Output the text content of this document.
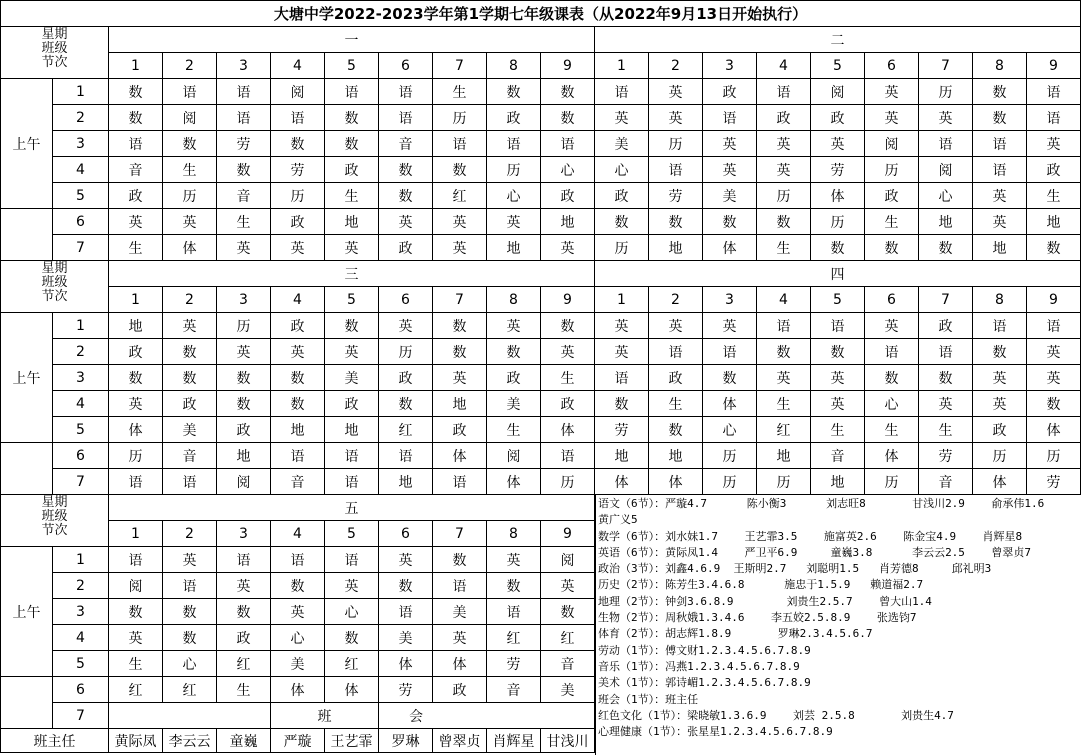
大塘中学2022-2023学年第1学期七年级课表（从2022年9月13日开始执行）
星期
班级
节次		一									二								
		1	2	3	4	5	6	7	8	9	1	2	3	4	5	6	7	8	9
上午	1	数	语	语	阅	语	语	生	数	数	语	英	政	语	阅	英	历	数	语
	2	数	阅	语	语	数	语	历	政	数	英	英	语	政	政	英	英	数	语
	3	语	数	劳	数	数	音	语	语	语	美	历	英	英	英	阅	语	语	英
	4	音	生	数	劳	政	数	数	历	心	心	语	英	英	劳	历	阅	语	政
	5	政	历	音	历	生	数	红	心	政	政	劳	美	历	体	政	心	英	生
	6	英	英	生	政	地	英	英	英	地	数	数	数	数	历	生	地	英	地
	7	生	体	英	英	英	政	英	地	英	历	地	体	生	数	数	数	地	数

星期
班级
节次		三									四								
		1	2	3	4	5	6	7	8	9	1	2	3	4	5	6	7	8	9
上午	1	地	英	历	政	数	英	数	英	数	英	英	英	语	语	英	政	语	语
	2	政	数	英	英	英	历	数	数	英	英	语	语	数	数	语	语	数	英
	3	数	数	数	数	美	政	英	政	生	语	政	数	英	英	数	数	英	英
	4	英	政	数	数	政	数	地	美	政	数	生	体	生	英	心	英	英	数
	5	体	美	政	地	地	红	政	生	体	劳	数	心	红	生	生	生	政	体
	6	历	音	地	语	语	语	体	阅	语	地	地	历	地	音	体	劳	历	历
	7	语	语	阅	音	语	地	语	体	历	体	体	历	历	地	历	音	体	劳

星期
班级
节次		五																	
		1	2	3	4	5	6	7	8	9									
上午	1	语	英	语	语	语	英	数	英	阅									
	2	阅	语	英	数	英	数	语	数	英									
	3	数	数	数	英	心	语	美	语	数									
	4	英	数	政	心	数	美	英	红	红									
	5	生	心	红	美	红	体	体	劳	音									
	6	红	红	生	体	体	劳	政	音	美									
	7				班		会												
班主任		黄际凤	李云云	童巍	严璇	王艺霏	罗琳	曾翠贞	肖辉星	甘浅川									
语文（6节）：严璇4.7      陈小衡3      刘志旺8       甘浅川2.9    俞承伟1.6
黄广义5
数学（6节）：刘水妹1.7    王艺霏3.5    施富英2.6    陈金宝4.9    肖辉星8
英语（6节）：黄际凤1.4    严卫平6.9     童巍3.8      李云云2.5    曾翠贞7
政治（3节）：刘鑫4.6.9  王斯明2.7   刘聪明1.5   肖芳德8     邱礼明3
历史（2节）：陈芳生3.4.6.8      施忠于1.5.9   赖道福2.7
地理（2节）：钟剑3.6.8.9        刘贵生2.5.7    曾大山1.4
生物（2节）：周秋娥1.3.4.6    李五姣2.5.8.9    张选钧7
体育（2节）：胡志辉1.8.9       罗琳2.3.4.5.6.7
劳动（1节）：傅文财1.2.3.4.5.6.7.8.9
音乐（1节）：冯燕1.2.3.4.5.6.7.8.9
美术（1节）：郭诗嵋1.2.3.4.5.6.7.8.9
班会（1节）：班主任
红色文化（1节）：梁晓敏1.3.6.9    刘芸 2.5.8       刘贵生4.7
心理健康（1节）：张星星1.2.3.4.5.6.7.8.9
